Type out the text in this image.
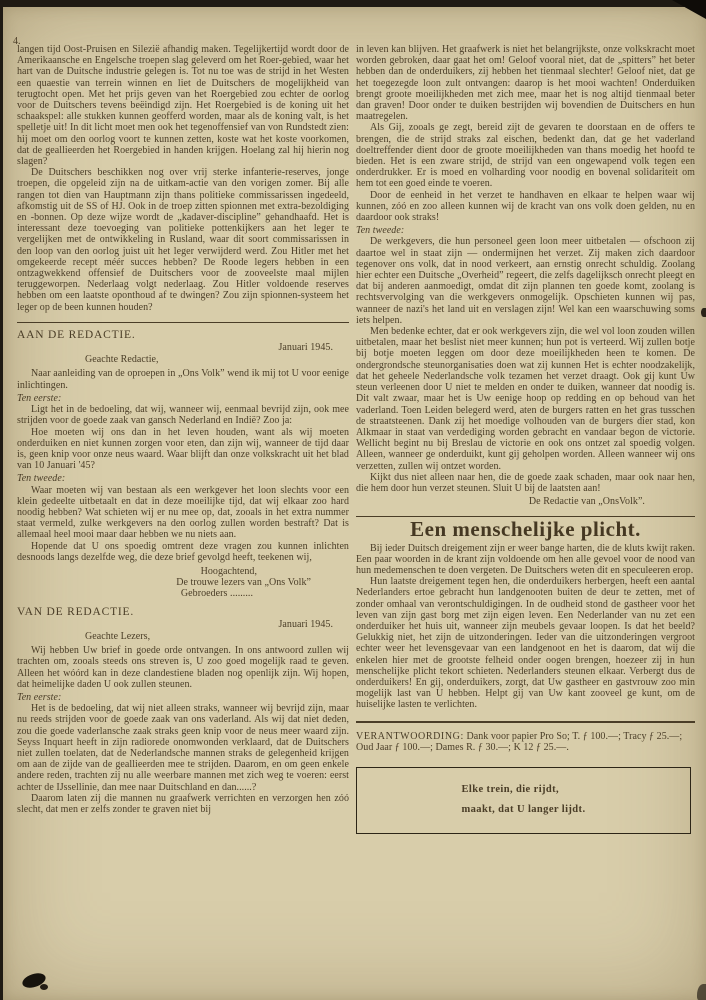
4.

langen tijd Oost-Pruisen en Silezië afhandig maken. Tegelijkertijd wordt door de Amerikaansche en Engelsche troepen slag geleverd om het Roer-gebied, waar het hart van de Duitsche industrie gelegen is. Tot nu toe was de strijd in het Westen een quaestie van terrein winnen en liet de Duitschers de mogelijkheid van terugtocht open. Met het prijs geven van het Roergebied zou echter de oorlog voor de Duitschers tevens beëindigd zijn. Het Roergebied is de koning uit het schaakspel: alle stukken kunnen geofferd worden, maar als de koning valt, is het spelletje uit! In dit licht moet men ook het tegenoffensief van von Rundstedt zien: hij moet om den oorlog voort te kunnen zetten, koste wat het koste voorkomen, dat de geallieerden het Roergebied in handen krijgen. Hoelang zal hij hierin nog slagen?

De Duitschers beschikken nog over vrij sterke infanterie-reserves, jonge troepen, die opgeleid zijn na de uitkam-actie van den vorigen zomer. Bij alle rangen tot dien van Hauptmann zijn thans politieke commissarissen ingedeeld, afkomstig uit de SS of HJ. Ook in de troep zitten spionnen met extra-bezoldiging en -bonnen. Op deze wijze wordt de „kadaver-discipline” gehandhaafd. Het is interessant deze toevoeging van politieke pottenkijkers aan het leger te vergelijken met de ontwikkeling in Rusland, waar dit soort commissarissen in den loop van den oorlog juist uit het leger verwijderd werd. Zou Hitler met het omgekeerde recept méér succes hebben? De Roode legers hebben in een ontzagwekkend offensief de Duitschers voor de zooveelste maal mijlen teruggeworpen. Nederlaag volgt nederlaag. Zou Hitler voldoende reserves hebben om een laatste oponthoud af te dwingen? Zou zijn spionnen-systeem het leger op de been kunnen houden?

AAN DE REDACTIE.

Januari 1945.

Geachte Redactie,

Naar aanleiding van de oproepen in „Ons Volk” wend ik mij tot U voor eenige inlichtingen.

Ten eerste:

Ligt het in de bedoeling, dat wij, wanneer wij, eenmaal bevrijd zijn, ook mee strijden voor de goede zaak van gansch Nederland en Indië? Zoo ja:

Hoe moeten wij ons dan in het leven houden, want als wij moeten onderduiken en niet kunnen zorgen voor eten, dan zijn wij, wanneer de tijd daar is, geen knip voor onze neus waard. Waar blijft dan onze volkskracht uit het blad van 10 Januari '45?

Ten tweede:

Waar moeten wij van bestaan als een werkgever het loon slechts voor een klein gedeelte uitbetaalt en dat in deze moeilijke tijd, dat wij elkaar zoo hard noodig hebben? Wat schieten wij er nu mee op, dat, zooals in het extra nummer staat vermeld, zulke werkgevers na den oorlog zullen worden bestraft? Dat is allemaal heel mooi maar daar hebben we nu niets aan.

Hopende dat U ons spoedig omtrent deze vragen zou kunnen inlichten desnoods langs dezelfde weg, die deze brief gevolgd heeft, teekenen wij,

Hoogachtend,

De trouwe lezers van „Ons Volk”

Gebroeders .........

VAN DE REDACTIE.

Januari 1945.

Geachte Lezers,

Wij hebben Uw brief in goede orde ontvangen. In ons antwoord zullen wij trachten om, zooals steeds ons streven is, U zoo goed mogelijk raad te geven. Alleen het wóórd kan in deze clandestiene bladen nog openlijk zijn. Wij hopen, dat heimelijke daden U ook zullen steunen.

Ten eerste:

Het is de bedoeling, dat wij niet alleen straks, wanneer wij bevrijd zijn, maar nu reeds strijden voor de goede zaak van ons vaderland. Als wij dat niet deden, zou die goede vaderlansche zaak straks geen knip voor de neus meer waard zijn. Seyss Inquart heeft in zijn radiorede onomwonden verklaard, dat de Duitschers niet zullen toelaten, dat de Nederlandsche mannen straks de gelegenheid krijgen om aan de zijde van de geallieerden mee te strijden. Daarom, en om geen enkele andere reden, trachten zij nu alle weerbare mannen met zich weg te voeren: eerst achter de IJssellinie, dan mee naar Duitschland en dan......?

Daarom laten zij die mannen nu graafwerk verrichten en verzorgen hen zóó slecht, dat men er zelfs zonder te graven niet bij

in leven kan blijven. Het graafwerk is niet het belangrijkste, onze volkskracht moet worden gebroken, daar gaat het om! Geloof vooral niet, dat de „spitters” het beter hebben dan de onderduikers, zij hebben het tienmaal slechter! Geloof niet, dat ge het toegezegde loon zult ontvangen: daarop is het mooi wachten! Onderduiken brengt groote moeilijkheden met zich mee, maar het is nog altijd tienmaal beter dan graven! Door onder te duiken bestrijden wij bovendien de Duitschers en hun maatregelen.

Als Gij, zooals ge zegt, bereid zijt de gevaren te doorstaan en de offers te brengen, die de strijd straks zal eischen, bedenkt dan, dat ge het vaderland doeltreffender dient door de groote moeilijkheden van thans moedig het hoofd te bieden. Het is een zware strijd, de strijd van een ongewapend volk tegen een onderdrukker. Er is moed en volharding voor noodig en bovenal solidariteit om hem tot een goed einde te voeren.

Door de eenheid in het verzet te handhaven en elkaar te helpen waar wij kunnen, zóó en zoo alleen kunnen wij de kracht van ons volk doen gelden, nu en daardoor ook straks!

Ten tweede:

De werkgevers, die hun personeel geen loon meer uitbetalen — ofschoon zij daartoe wel in staat zijn — ondermijnen het verzet. Zij maken zich daardoor tegenover ons volk, dat in nood verkeert, aan ernstig onrecht schuldig. Zoolang hier echter een Duitsche „Overheid” regeert, die zelfs dagelijksch onrecht pleegt en dat bij anderen aanmoedigt, omdat dit zijn plannen ten goede komt, zoolang is rechtsvervolging van die werkgevers onmogelijk. Opschieten kunnen wij pas, wanneer de nazi's het land uit en verslagen zijn! Wel kan een waarschuwing soms iets helpen.

Men bedenke echter, dat er ook werkgevers zijn, die wel vol loon zouden willen uitbetalen, maar het beslist niet meer kunnen; hun pot is verteerd. Wij zullen botje bij botje moeten leggen om door deze moeilijkheden heen te komen. De ondergrondsche steunorganisaties doen wat zij kunnen Het is echter noodzakelijk, dat het geheele Nederlandsche volk tezamen het verzet draagt. Ook gij kunt Uw steun verleenen door U niet te melden en onder te duiken, wanneer dat noodig is. Dit valt zwaar, maar het is Uw eenige hoop op redding en op behoud van het vaderland. Toen Leiden belegerd werd, aten de burgers ratten en het gras tusschen de straatsteenen. Dank zij het moedige volhouden van de burgers dier stad, kon Alkmaar in staat van verdediging worden gebracht en vandaar begon de victorie. Wellicht begint nu bij Breslau de victorie en ook ons ontzet zal spoedig volgen. Alleen, wanneer ge onderduikt, kunt gij geholpen worden. Alleen wanneer wij ons verzetten, zullen wij ontzet worden.

Kijkt dus niet alleen naar hen, die de goede zaak schaden, maar ook naar hen, die hem door hun verzet steunen. Sluit U bij de laatsten aan!

De Redactie van „OnsVolk”.

Een menschelijke plicht.

Bij ieder Duitsch dreigement zijn er weer bange harten, die de kluts kwijt raken. Een paar woorden in de krant zijn voldoende om hen alle gevoel voor de nood van hun medemenschen te doen vergeten. De Duitschers weten dit en speculeeren erop.

Hun laatste dreigement tegen hen, die onderduikers herbergen, heeft een aantal Nederlanders ertoe gebracht hun landgenooten buiten de deur te zetten, met of zonder omhaal van verontschuldigingen. In de oudheid stond de gastheer voor het leven van zijn gast borg met zijn eigen leven. Een Nederlander van nu zet een onderduiker het huis uit, wanneer zijn meubels gevaar loopen. Is dat het beeld? Gelukkig niet, het zijn de uitzonderingen. Ieder van die uitzonderingen vergroot echter weer het levensgevaar van een landgenoot en het is daarom, dat wij die enkelen hier met de grootste felheid onder oogen brengen, hoezeer zij in hun menschelijke plicht tekort schieten. Nederlanders steunen elkaar. Verbergt dus de onderduikers! En gij, onderduikers, zorgt, dat Uw gastheer en gastvrouw zoo min mogelijk last van U hebben. Helpt gij van Uw kant zooveel ge kunt, om de huiselijke lasten te verlichten.

VERANTWOORDING: Dank voor papier Pro So; T. ƒ 100.—; Tracy ƒ 25.—; Oud Jaar ƒ 100.—; Dames R. ƒ 30.—; K 12 ƒ 25.—.

Elke trein, die rijdt,
maakt, dat U langer lijdt.
